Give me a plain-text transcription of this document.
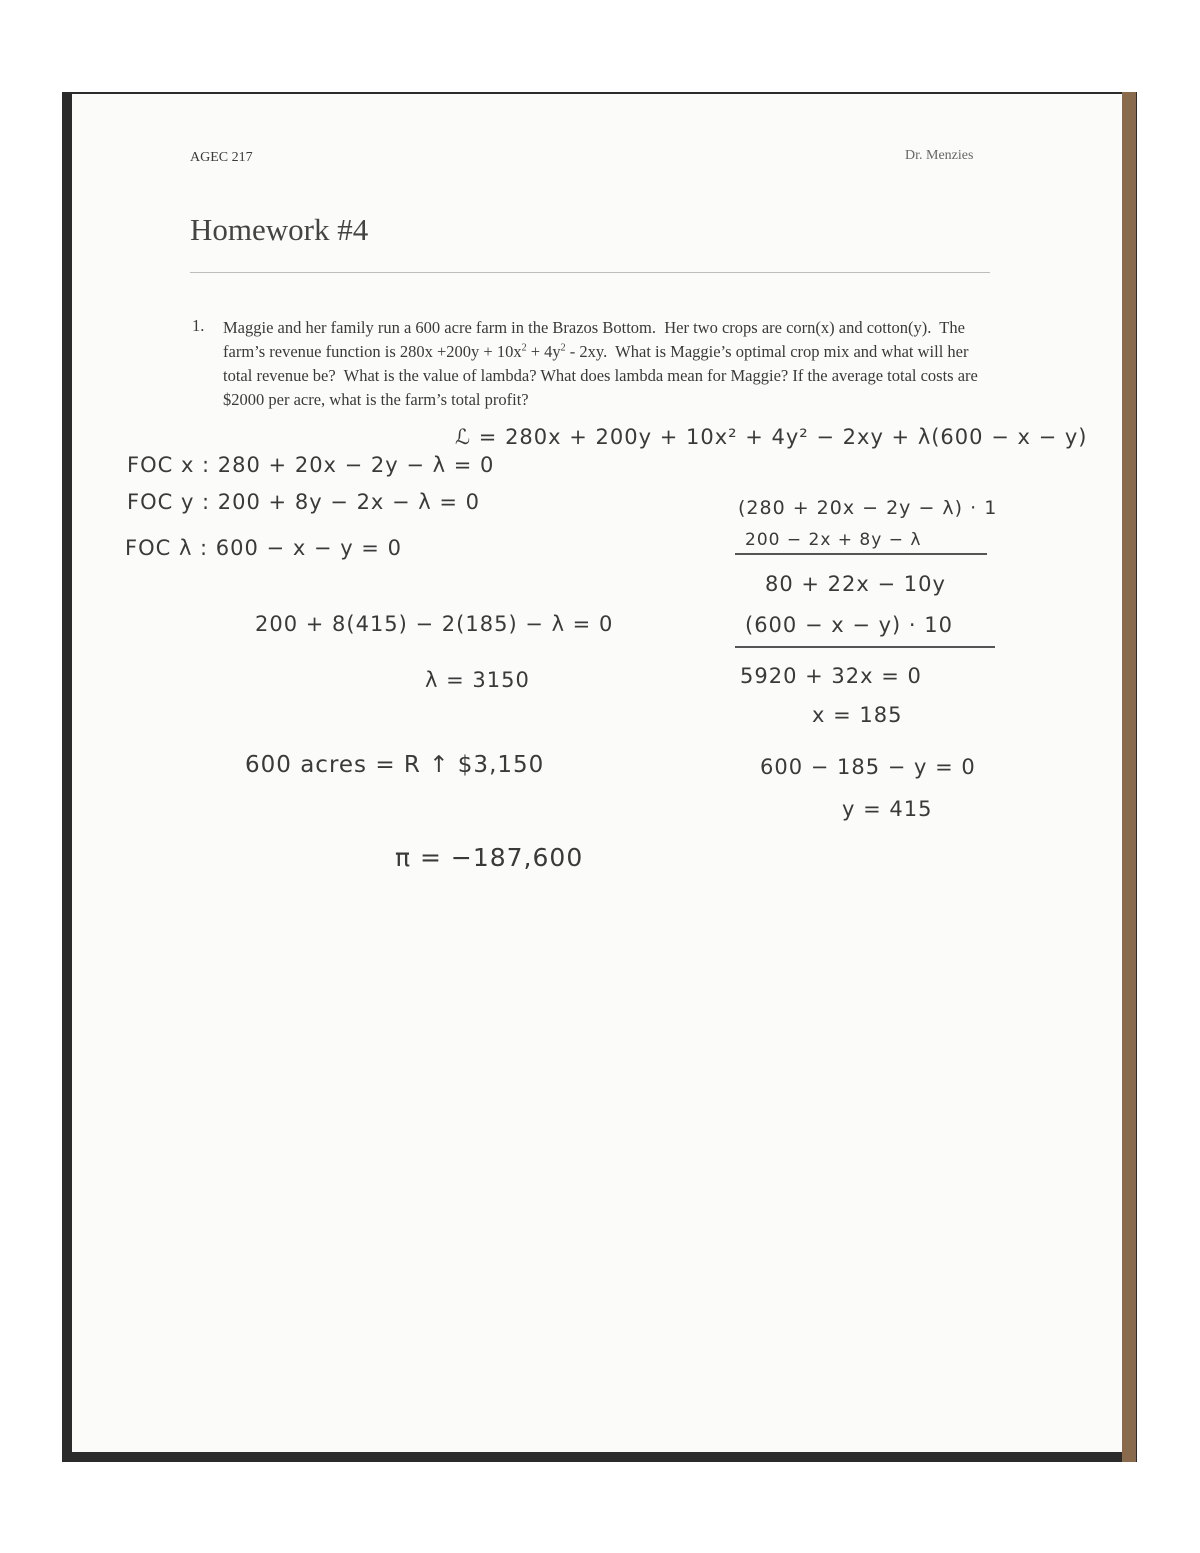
AGEC 217	Dr. Menzies
Homework #4
1. Maggie and her family run a 600 acre farm in the Brazos Bottom.  Her two crops are corn(x) and cotton(y).  The farm’s revenue function is $280x +200y + 10x^2 + 4y^2 - 2xy$.  What is Maggie’s optimal crop mix and what will her total revenue be?  What is the value of lambda? What does lambda mean for Maggie? If the average total costs are $2000 per acre, what is the farm’s total profit?
ℒ = 280x + 200y + 10x² + 4y² − 2xy + λ(600 − x − y)
FOC x : 280 + 20x − 2y − λ = 0
FOC y : 200 + 8y − 2x − λ = 0
FOC λ : 600 − x − y = 0
(280 + 20x − 2y − λ) · 1
200 − 2x + 8y − λ
80 + 22x − 10y
(600 − x − y) · 10
5920 + 32x = 0
x = 185
600 − 185 − y = 0
y = 415
200 + 8(415) − 2(185) − λ = 0
λ = 3150
600 acres = R ↑ $3,150
π = −187,600
